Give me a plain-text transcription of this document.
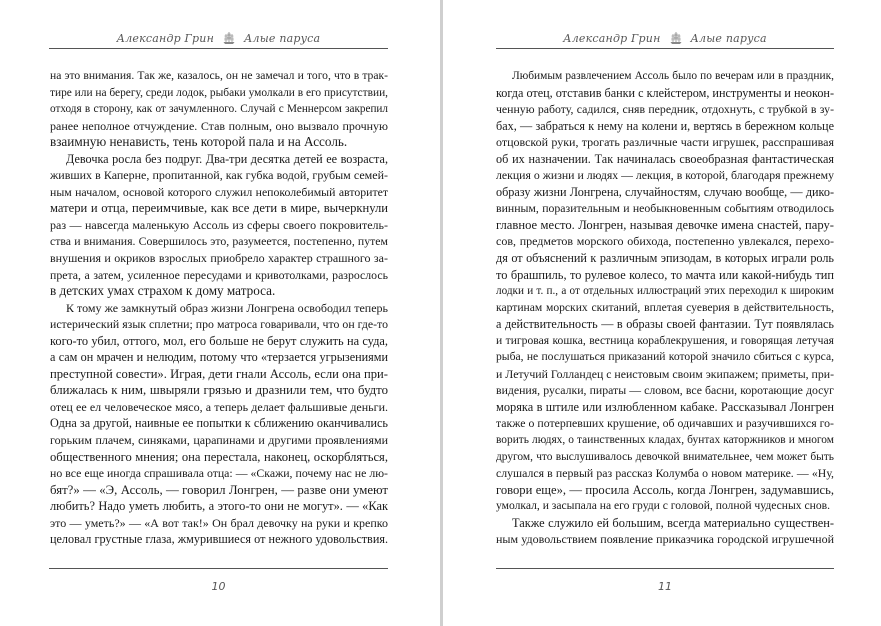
Александр Грин	Алые паруса
на это внимания. Так же, казалось, он не замечал и того, что в трак-
тире или на берегу, среди лодок, рыбаки умолкали в его присутствии,
отходя в сторону, как от зачумленного. Случай с Меннерсом закрепил
ранее неполное отчуждение. Став полным, оно вызвало прочную
взаимную ненависть, тень которой пала и на Ассоль.
Девочка росла без подруг. Два-три десятка детей ее возраста,
живших в Каперне, пропитанной, как губка водой, грубым семей-
ным началом, основой которого служил непоколебимый авторитет
матери и отца, переимчивые, как все дети в мире, вычеркнули
раз — навсегда маленькую Ассоль из сферы своего покровитель-
ства и внимания. Совершилось это, разумеется, постепенно, путем
внушения и окриков взрослых приобрело характер страшного за-
прета, а затем, усиленное пересудами и кривотолками, разрослось
в детских умах страхом к дому матроса.
К тому же замкнутый образ жизни Лонгрена освободил теперь
истерический язык сплетни; про матроса говаривали, что он где-то
кого-то убил, оттого, мол, его больше не берут служить на суда,
а сам он мрачен и нелюдим, потому что «терзается угрызениями
преступной совести». Играя, дети гнали Ассоль, если она при-
ближалась к ним, швыряли грязью и дразнили тем, что будто
отец ее ел человеческое мясо, а теперь делает фальшивые деньги.
Одна за другой, наивные ее попытки к сближению оканчивались
горьким плачем, синяками, царапинами и другими проявлениями
общественного мнения; она перестала, наконец, оскорбляться,
но все еще иногда спрашивала отца: — «Скажи, почему нас не лю-
бят?» — «Э, Ассоль, — говорил Лонгрен, — разве они умеют
любить? Надо уметь любить, а этого-то они не могут». — «Как
это — уметь?» — «А вот так!» Он брал девочку на руки и крепко
целовал грустные глаза, жмурившиеся от нежного удовольствия.
10
Александр Грин	Алые паруса
Любимым развлечением Ассоль было по вечерам или в праздник,
когда отец, отставив банки с клейстером, инструменты и неокон-
ченную работу, садился, сняв передник, отдохнуть, с трубкой в зу-
бах, — забраться к нему на колени и, вертясь в бережном кольце
отцовской руки, трогать различные части игрушек, расспрашивая
об их назначении. Так начиналась своеобразная фантастическая
лекция о жизни и людях — лекция, в которой, благодаря прежнему
образу жизни Лонгрена, случайностям, случаю вообще, — дико-
винным, поразительным и необыкновенным событиям отводилось
главное место. Лонгрен, называя девочке имена снастей, пару-
сов, предметов морского обихода, постепенно увлекался, перехо-
дя от объяснений к различным эпизодам, в которых играли роль
то брашпиль, то рулевое колесо, то мачта или какой-нибудь тип
лодки и т. п., а от отдельных иллюстраций этих переходил к широким
картинам морских скитаний, вплетая суеверия в действительность,
а действительность — в образы своей фантазии. Тут появлялась
и тигровая кошка, вестница кораблекрушения, и говорящая летучая
рыба, не послушаться приказаний которой значило сбиться с курса,
и Летучий Голландец с неистовым своим экипажем; приметы, при-
видения, русалки, пираты — словом, все басни, коротающие досуг
моряка в штиле или излюбленном кабаке. Рассказывал Лонгрен
также о потерпевших крушение, об одичавших и разучившихся го-
ворить людях, о таинственных кладах, бунтах каторжников и многом
другом, что выслушивалось девочкой внимательнее, чем может быть
слушался в первый раз рассказ Колумба о новом материке. — «Ну,
говори еще», — просила Ассоль, когда Лонгрен, задумавшись,
умолкал, и засыпала на его груди с головой, полной чудесных снов.
Также служило ей большим, всегда материально существен-
ным удовольствием появление приказчика городской игрушечной
11
